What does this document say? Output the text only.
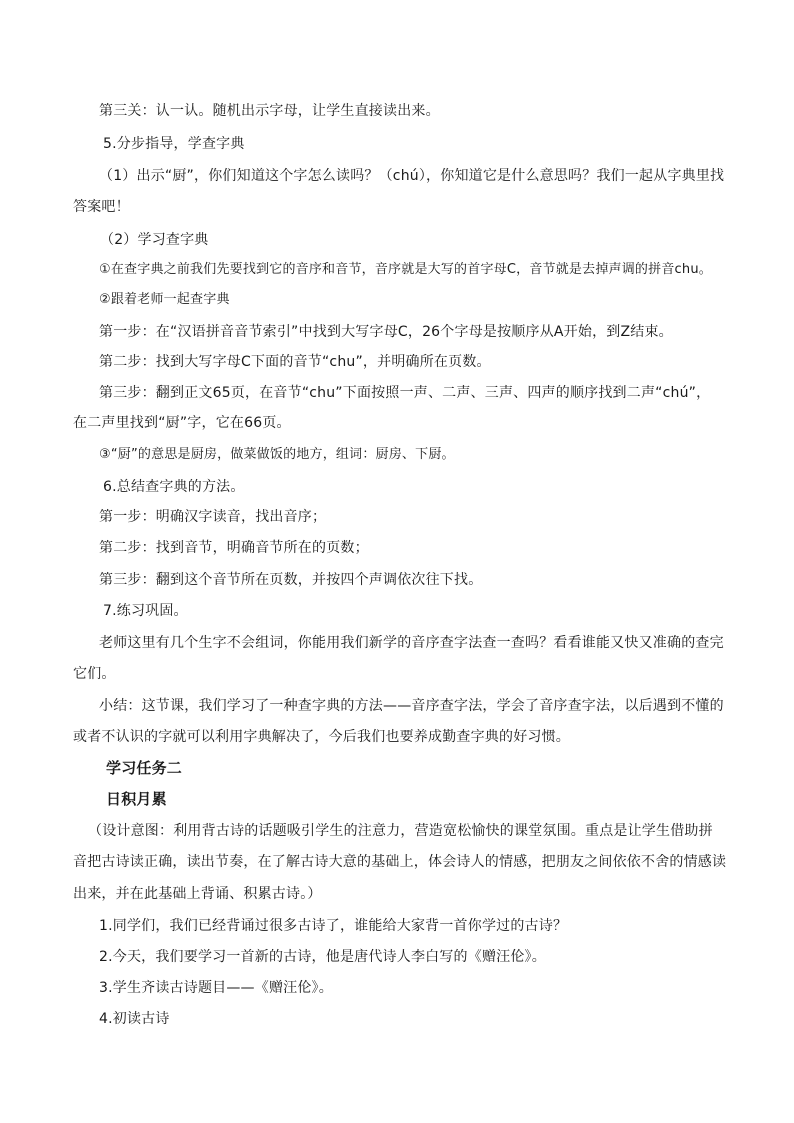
第三关：认一认。随机出示字母，让学生直接读出来。
5.分步指导，学查字典
（1）出示“厨”，你们知道这个字怎么读吗？（chú），你知道它是什么意思吗？我们一起从字典里找
答案吧！
（2）学习查字典
①在查字典之前我们先要找到它的音序和音节，音序就是大写的首字母C，音节就是去掉声调的拼音chu。
②跟着老师一起查字典
第一步：在“汉语拼音音节索引”中找到大写字母C，26个字母是按顺序从A开始，到Z结束。
第二步：找到大写字母C下面的音节“chu”，并明确所在页数。
第三步：翻到正文65页，在音节“chu”下面按照一声、二声、三声、四声的顺序找到二声“chú”，
在二声里找到“厨”字，它在66页。
③“厨”的意思是厨房，做菜做饭的地方，组词：厨房、下厨。
6.总结查字典的方法。
第一步：明确汉字读音，找出音序；
第二步：找到音节，明确音节所在的页数；
第三步：翻到这个音节所在页数，并按四个声调依次往下找。
7.练习巩固。
老师这里有几个生字不会组词，你能用我们新学的音序查字法查一查吗？看看谁能又快又准确的查完
它们。
小结：这节课，我们学习了一种查字典的方法——音序查字法，学会了音序查字法，以后遇到不懂的
或者不认识的字就可以利用字典解决了，今后我们也要养成勤查字典的好习惯。
学习任务二
日积月累
（设计意图：利用背古诗的话题吸引学生的注意力，营造宽松愉快的课堂氛围。重点是让学生借助拼
音把古诗读正确，读出节奏，在了解古诗大意的基础上，体会诗人的情感，把朋友之间依依不舍的情感读
出来，并在此基础上背诵、积累古诗。）
1.同学们，我们已经背诵过很多古诗了，谁能给大家背一首你学过的古诗？
2.今天，我们要学习一首新的古诗，他是唐代诗人李白写的《赠汪伦》。
3.学生齐读古诗题目——《赠汪伦》。
4.初读古诗
